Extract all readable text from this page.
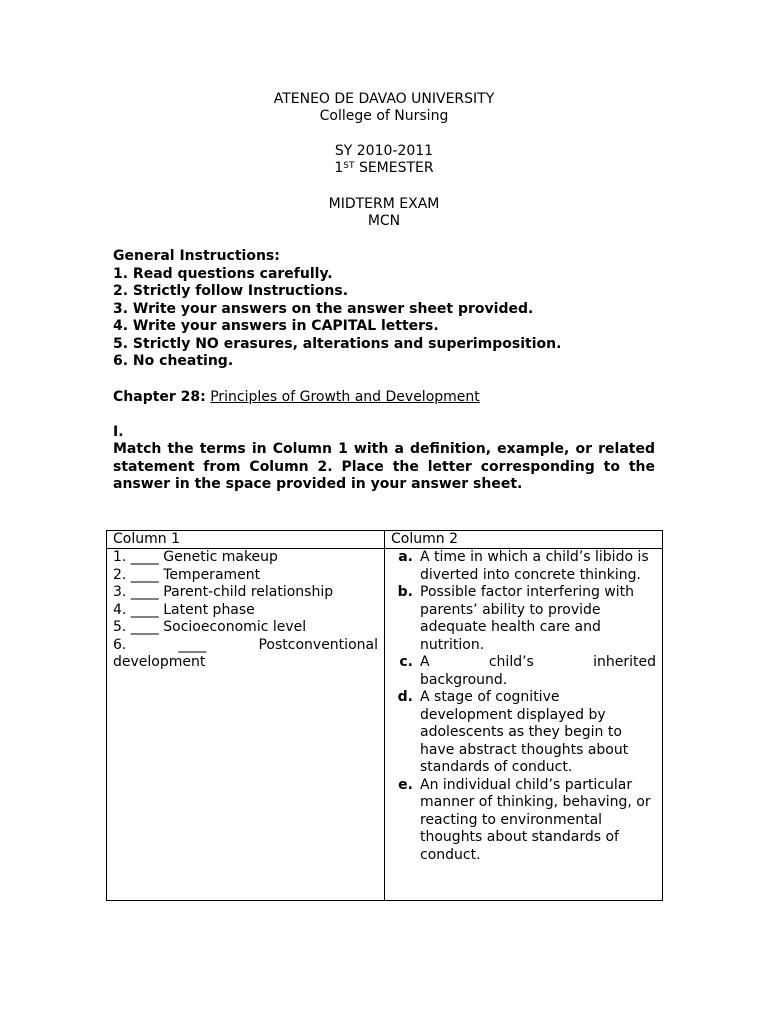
ATENEO DE DAVAO UNIVERSITY
College of Nursing
SY 2010-2011
1ST SEMESTER
MIDTERM EXAM
MCN
General Instructions:
1. Read questions carefully.
2. Strictly follow Instructions.
3. Write your answers on the answer sheet provided.
4. Write your answers in CAPITAL letters.
5. Strictly NO erasures, alterations and superimposition.
6. No cheating.
Chapter 28: Principles of Growth and Development
I.
Match the terms in Column 1 with a definition, example, or related statement from Column 2. Place the letter corresponding to the answer in the space provided in your answer sheet.
Column 1	Column 2
1. ____ Genetic makeup
2. ____ Temperament
3. ____ Parent-child relationship
4. ____ Latent phase
5. ____ Socioeconomic level
6.	____	Postconventional
development
a. A time in which a child’s libido is diverted into concrete thinking.
b. Possible factor interfering with parents’ ability to provide adequate health care and nutrition.
c. A child’s inherited
background.
d. A stage of cognitive development displayed by adolescents as they begin to have abstract thoughts about standards of conduct.
e. An individual child’s particular manner of thinking, behaving, or reacting to environmental thoughts about standards of conduct.
